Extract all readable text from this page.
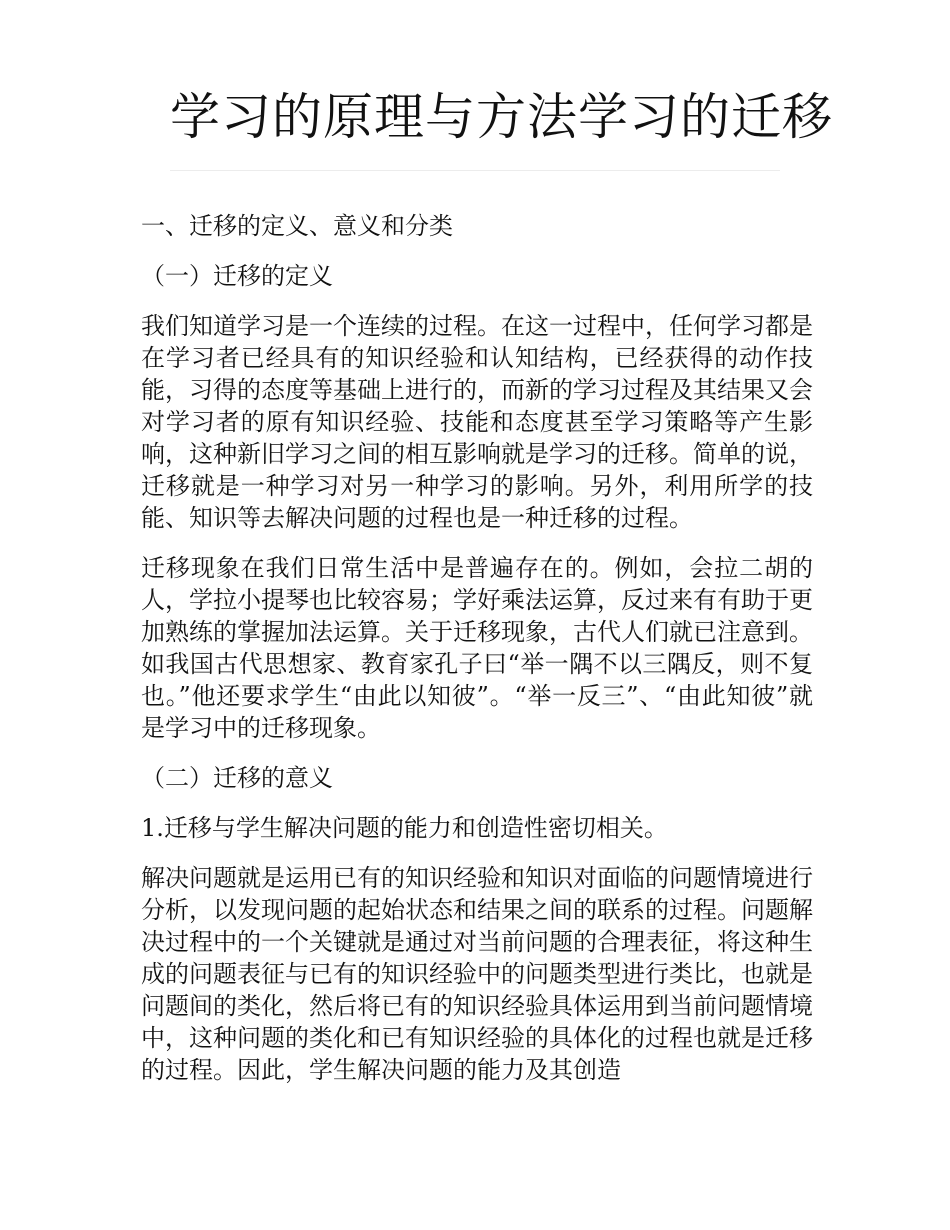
学习的原理与方法学习的迁移

一、迁移的定义、意义和分类

（一）迁移的定义

我们知道学习是一个连续的过程。在这一过程中，任何学习都是在学习者已经具有的知识经验和认知结构，已经获得的动作技能，习得的态度等基础上进行的，而新的学习过程及其结果又会对学习者的原有知识经验、技能和态度甚至学习策略等产生影响，这种新旧学习之间的相互影响就是学习的迁移。简单的说，迁移就是一种学习对另一种学习的影响。另外，利用所学的技能、知识等去解决问题的过程也是一种迁移的过程。

迁移现象在我们日常生活中是普遍存在的。例如，会拉二胡的人，学拉小提琴也比较容易；学好乘法运算，反过来有有助于更加熟练的掌握加法运算。关于迁移现象，古代人们就已注意到。如我国古代思想家、教育家孔子曰“举一隅不以三隅反，则不复也。”他还要求学生“由此以知彼”。“举一反三”、“由此知彼”就是学习中的迁移现象。

（二）迁移的意义

1.迁移与学生解决问题的能力和创造性密切相关。

解决问题就是运用已有的知识经验和知识对面临的问题情境进行分析，以发现问题的起始状态和结果之间的联系的过程。问题解决过程中的一个关键就是通过对当前问题的合理表征，将这种生成的问题表征与已有的知识经验中的问题类型进行类比，也就是问题间的类化，然后将已有的知识经验具体运用到当前问题情境中，这种问题的类化和已有知识经验的具体化的过程也就是迁移的过程。因此，学生解决问题的能力及其创造
